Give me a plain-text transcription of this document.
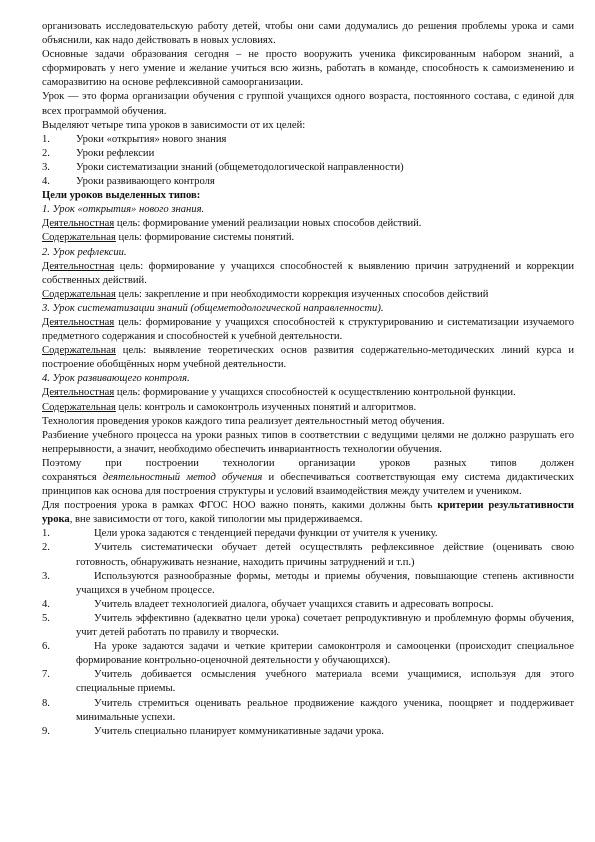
организовать исследовательскую работу детей, чтобы они сами додумались до решения проблемы урока и сами объяснили, как надо действовать в новых условиях.

Основные задачи образования сегодня – не просто вооружить ученика фиксированным набором знаний, а сформировать у него умение и желание учиться всю жизнь, работать в команде, способность к самоизменению и саморазвитию на основе рефлексивной самоорганизации.

Урок — это форма организации обучения с группой учащихся одного возраста, постоянного состава, с единой для всех программой обучения.

Выделяют четыре типа уроков в зависимости от их целей:

1.	Уроки «открытия» нового знания
2.	Уроки рефлексии
3.	Уроки систематизации знаний (общеметодологической направленности)
4.	Уроки развивающего контроля

Цели уроков выделенных типов:

1. Урок «открытия» нового знания.

Деятельностная цель: формирование умений реализации новых способов действий.

Содержательная цель: формирование системы понятий.

2. Урок рефлексии.

Деятельностная цель: формирование у учащихся способностей к выявлению причин затруднений и коррекции собственных действий.

Содержательная цель: закрепление и при необходимости коррекция изученных способов действий

3. Урок систематизации знаний (общеметодологической направленности).

Деятельностная цель: формирование у учащихся способностей к структурированию и систематизации изучаемого предметного содержания и способностей к учебной деятельности.

Содержательная цель: выявление теоретических основ развития содержательно-методических линий курса и построение обобщённых норм учебной деятельности.

4. Урок развивающего контроля.

Деятельностная цель: формирование у учащихся способностей к осуществлению контрольной функции.

Содержательная цель: контроль и самоконтроль изученных понятий и алгоритмов.

Технология проведения уроков каждого типа реализует деятельностный метод обучения.

Разбиение учебного процесса на уроки разных типов в соответствии с ведущими целями не должно разрушать его непрерывности, а значит, необходимо обеспечить инвариантность технологии обучения.

Поэтому при построении технологии организации уроков разных типов должен

сохраняться деятельностный метод обучения и обеспечиваться соответствующая ему система дидактических принципов как основа для построения структуры и условий взаимодействия между учителем и учеником.

Для построения урока в рамках ФГОС НОО важно понять, какими должны быть критерии результативности урока, вне зависимости от того, какой типологии мы придерживаемся.

1.	Цели урока задаются с тенденцией передачи функции от учителя к ученику.
2.	Учитель систематически обучает детей осуществлять рефлексивное действие (оценивать свою готовность, обнаруживать незнание, находить причины затруднений и т.п.)
3.	Используются разнообразные формы, методы и приемы обучения, повышающие степень активности учащихся в учебном процессе.
4.	Учитель владеет технологией диалога, обучает учащихся ставить и адресовать вопросы.
5.	Учитель эффективно (адекватно цели урока) сочетает репродуктивную и проблемную формы обучения, учит детей работать по правилу и творчески.
6.	На уроке задаются задачи и четкие критерии самоконтроля и самооценки (происходит специальное формирование контрольно-оценочной деятельности у обучающихся).
7.	Учитель добивается осмысления учебного материала всеми учащимися, используя для этого специальные приемы.
8.	Учитель стремиться оценивать реальное продвижение каждого ученика, поощряет и поддерживает минимальные успехи.
9.	Учитель специально планирует коммуникативные задачи урока.
